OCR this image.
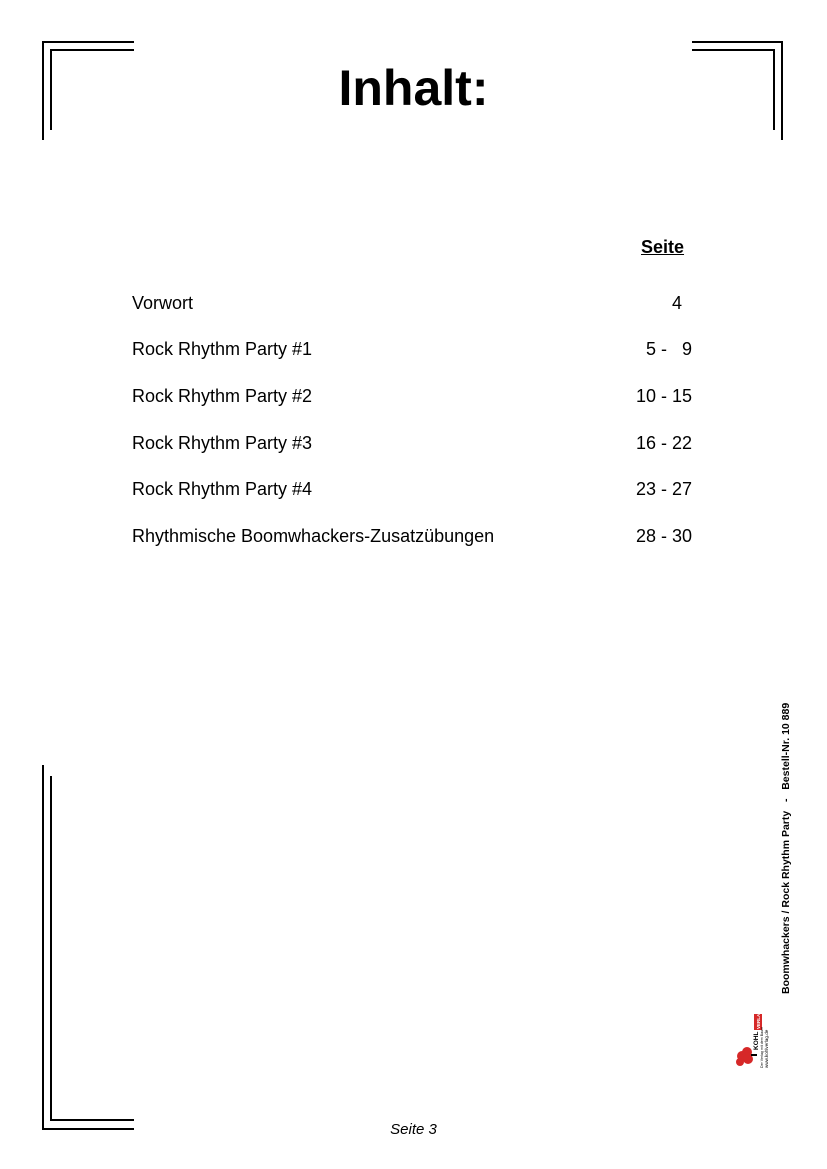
Inhalt:
Seite
Vorwort	4
Rock Rhythm Party #1	5 -   9
Rock Rhythm Party #2	10 - 15
Rock Rhythm Party #3	16 - 22
Rock Rhythm Party #4	23 - 27
Rhythmische Boomwhackers-Zusatzübungen	28 - 30
Boomwhackers / Rock Rhythm Party   -   Bestell-Nr. 10 889
KOHL
VERLAG
Der Verlag mit dem Baum www.kohlverlag.de
Seite 3
